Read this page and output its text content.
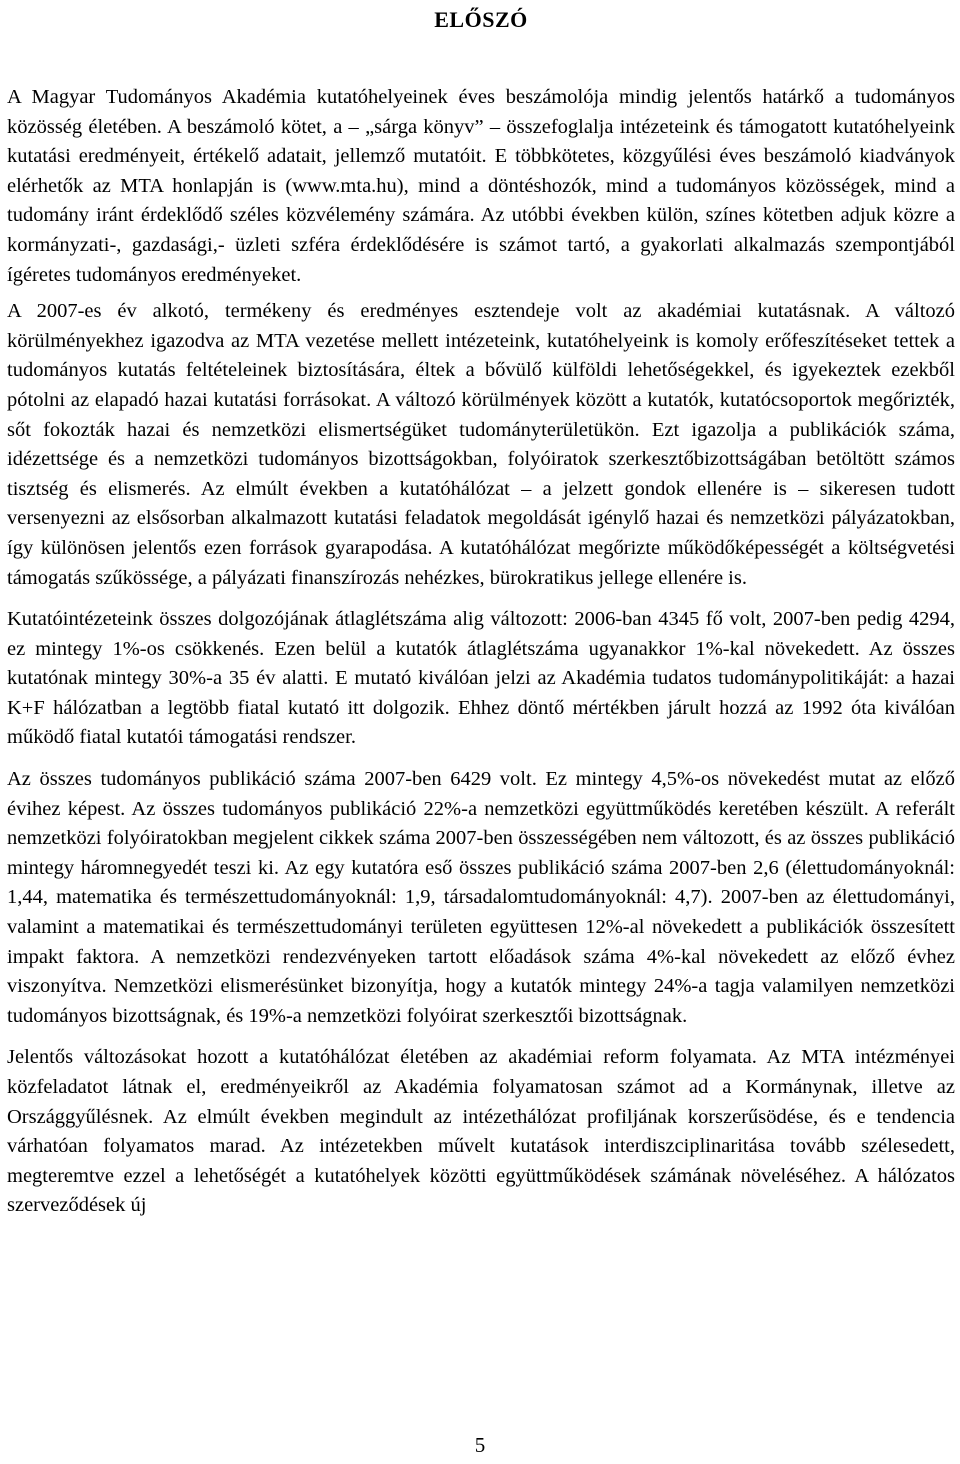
ELŐSZÓ

A Magyar Tudományos Akadémia kutatóhelyeinek éves beszámolója mindig jelentős határkő a tudományos közösség életében. A beszámoló kötet, a – „sárga könyv” – összefoglalja intézeteink és támogatott kutatóhelyeink kutatási eredményeit, értékelő adatait, jellemző mutatóit. E többkötetes, közgyűlési éves beszámoló kiadványok elérhetők az MTA honlapján is (www.mta.hu), mind a döntéshozók, mind a tudományos közösségek, mind a tudomány iránt érdeklődő széles közvélemény számára. Az utóbbi években külön, színes kötetben adjuk közre a kormányzati-, gazdasági,- üzleti szféra érdeklődésére is számot tartó, a gyakorlati alkalmazás szempontjából ígéretes tudományos eredményeket.

A 2007-es év alkotó, termékeny és eredményes esztendeje volt az akadémiai kutatásnak. A változó körülményekhez igazodva az MTA vezetése mellett intézeteink, kutatóhelyeink is komoly erőfeszítéseket tettek a tudományos kutatás feltételeinek biztosítására, éltek a bővülő külföldi lehetőségekkel, és igyekeztek ezekből pótolni az elapadó hazai kutatási forrásokat. A változó körülmények között a kutatók, kutatócsoportok megőrizték, sőt fokozták hazai és nemzetközi elismertségüket tudományterületükön. Ezt igazolja a publikációk száma, idézettsége és a nemzetközi tudományos bizottságokban, folyóiratok szerkesztőbizottságában betöltött számos tisztség és elismerés. Az elmúlt években a kutatóhálózat – a jelzett gondok ellenére is – sikeresen tudott versenyezni az elsősorban alkalmazott kutatási feladatok megoldását igénylő hazai és nemzetközi pályázatokban, így különösen jelentős ezen források gyarapodása. A kutatóhálózat megőrizte működőképességét a költségvetési támogatás szűkössége, a pályázati finanszírozás nehézkes, bürokratikus jellege ellenére is.

Kutatóintézeteink összes dolgozójának átlaglétszáma alig változott: 2006-ban 4345 fő volt, 2007-ben pedig 4294, ez mintegy 1%-os csökkenés. Ezen belül a kutatók átlaglétszáma ugyanakkor 1%-kal növekedett. Az összes kutatónak mintegy 30%-a 35 év alatti. E mutató kiválóan jelzi az Akadémia tudatos tudománypolitikáját: a hazai K+F hálózatban a legtöbb fiatal kutató itt dolgozik. Ehhez döntő mértékben járult hozzá az 1992 óta kiválóan működő fiatal kutatói támogatási rendszer.

Az összes tudományos publikáció száma 2007-ben 6429 volt. Ez mintegy 4,5%-os növekedést mutat az előző évihez képest. Az összes tudományos publikáció 22%-a nemzetközi együttműködés keretében készült. A referált nemzetközi folyóiratokban megjelent cikkek száma 2007-ben összességében nem változott, és az összes publikáció mintegy háromnegyedét teszi ki. Az egy kutatóra eső összes publikáció száma 2007-ben 2,6 (élettudományoknál: 1,44, matematika és természettudományoknál: 1,9, társadalomtudományoknál: 4,7). 2007-ben az élettudományi, valamint a matematikai és természettudományi területen együttesen 12%-al növekedett a publikációk összesített impakt faktora. A nemzetközi rendezvényeken tartott előadások száma 4%-kal növekedett az előző évhez viszonyítva. Nemzetközi elismerésünket bizonyítja, hogy a kutatók mintegy 24%-a tagja valamilyen nemzetközi tudományos bizottságnak, és 19%-a nemzetközi folyóirat szerkesztői bizottságnak.

Jelentős változásokat hozott a kutatóhálózat életében az akadémiai reform folyamata. Az MTA intézményei közfeladatot látnak el, eredményeikről az Akadémia folyamatosan számot ad a Kormánynak, illetve az Országgyűlésnek. Az elmúlt években megindult az intézethálózat profiljának korszerűsödése, és e tendencia várhatóan folyamatos marad. Az intézetekben művelt kutatások interdiszciplinaritása tovább szélesedett, megteremtve ezzel a lehetőségét a kutatóhelyek közötti együttműködések számának növeléséhez. A hálózatos szerveződések új

5
